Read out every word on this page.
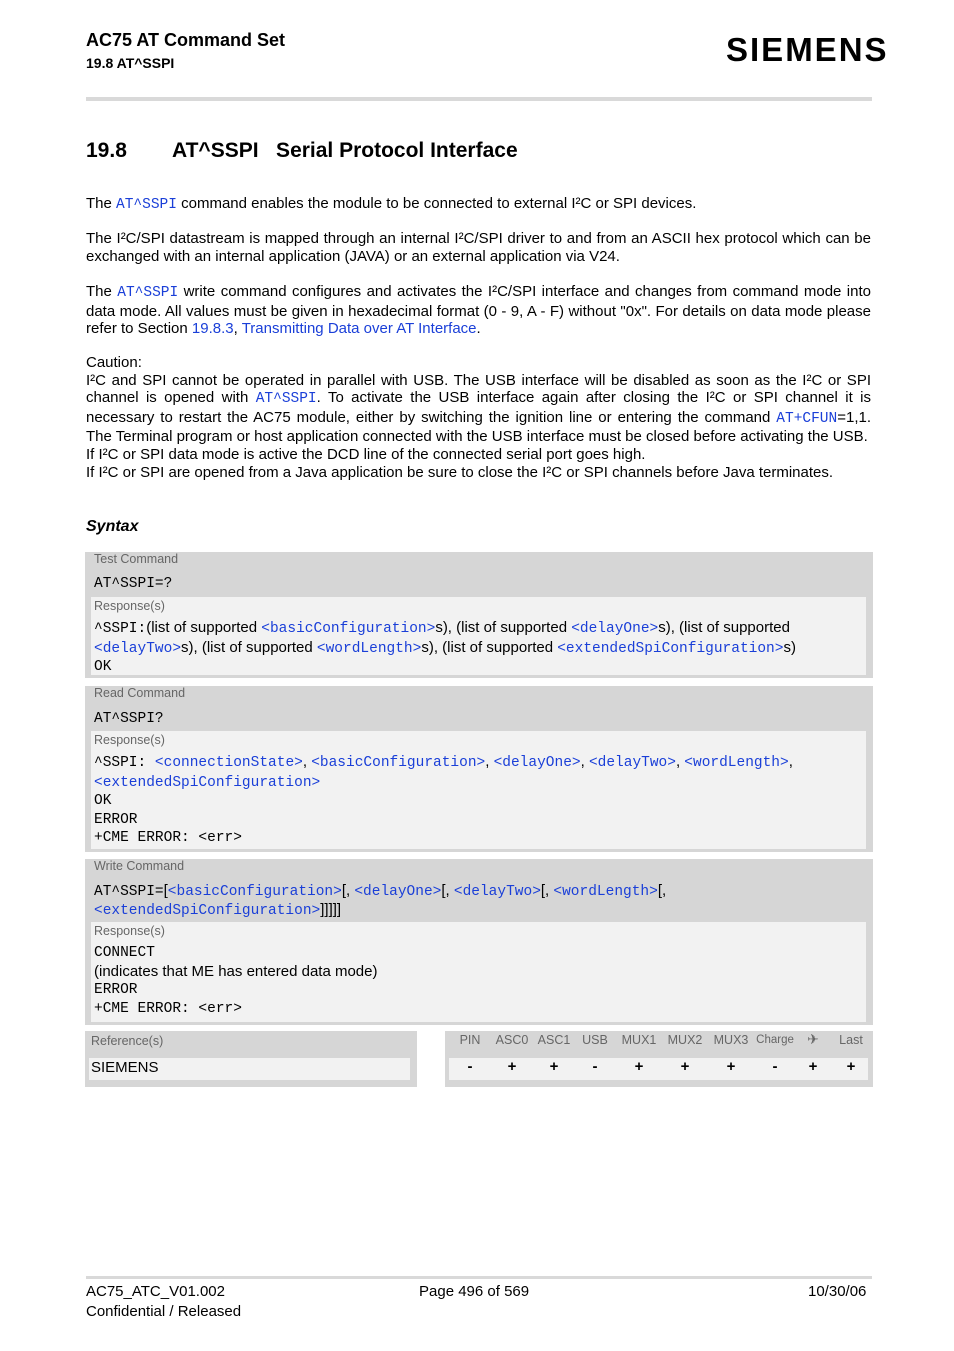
AC75 AT Command Set
19.8 AT^SSPI	SIEMENS
19.8 AT^SSPI   Serial Protocol Interface
The AT^SSPI command enables the module to be connected to external I²C or SPI devices.
The I²C/SPI datastream is mapped through an internal I²C/SPI driver to and from an ASCII hex protocol which can be exchanged with an internal application (JAVA) or an external application via V24.
The AT^SSPI write command configures and activates the I²C/SPI interface and changes from command mode into data mode. All values must be given in hexadecimal format (0 - 9, A - F) without "0x". For details on data mode please refer to Section 19.8.3, Transmitting Data over AT Interface.
Caution:
I²C and SPI cannot be operated in parallel with USB. The USB interface will be disabled as soon as the I²C or SPI channel is opened with AT^SSPI. To activate the USB interface again after closing the I²C or SPI channel it is necessary to restart the AC75 module, either by switching the ignition line or entering the command AT+CFUN=1,1. The Terminal program or host application connected with the USB interface must be closed before activating the USB.
If I²C or SPI data mode is active the DCD line of the connected serial port goes high.
If I²C or SPI are opened from a Java application be sure to close the I²C or SPI channels before Java terminates.
Syntax
Test Command
AT^SSPI=?
Response(s)
^SSPI:(list of supported <basicConfiguration>s), (list of supported <delayOne>s), (list of supported <delayTwo>s), (list of supported <wordLength>s), (list of supported <extendedSpiConfiguration>s)
OK
Read Command
AT^SSPI?
Response(s)
^SSPI: <connectionState>, <basicConfiguration>, <delayOne>, <delayTwo>, <wordLength>,
<extendedSpiConfiguration>
OK
ERROR
+CME ERROR: <err>
Write Command
AT^SSPI=[<basicConfiguration>[, <delayOne>[, <delayTwo>[, <wordLength>[,
<extendedSpiConfiguration>]]]]]
Response(s)
CONNECT
(indicates that ME has entered data mode)
ERROR
+CME ERROR: <err>
Reference(s)
SIEMENS
PIN ASC0 ASC1 USB MUX1 MUX2 MUX3 Charge ✈ Last
- + + - + + + - + +
AC75_ATC_V01.002
Confidential / Released
Page 496 of 569	10/30/06
